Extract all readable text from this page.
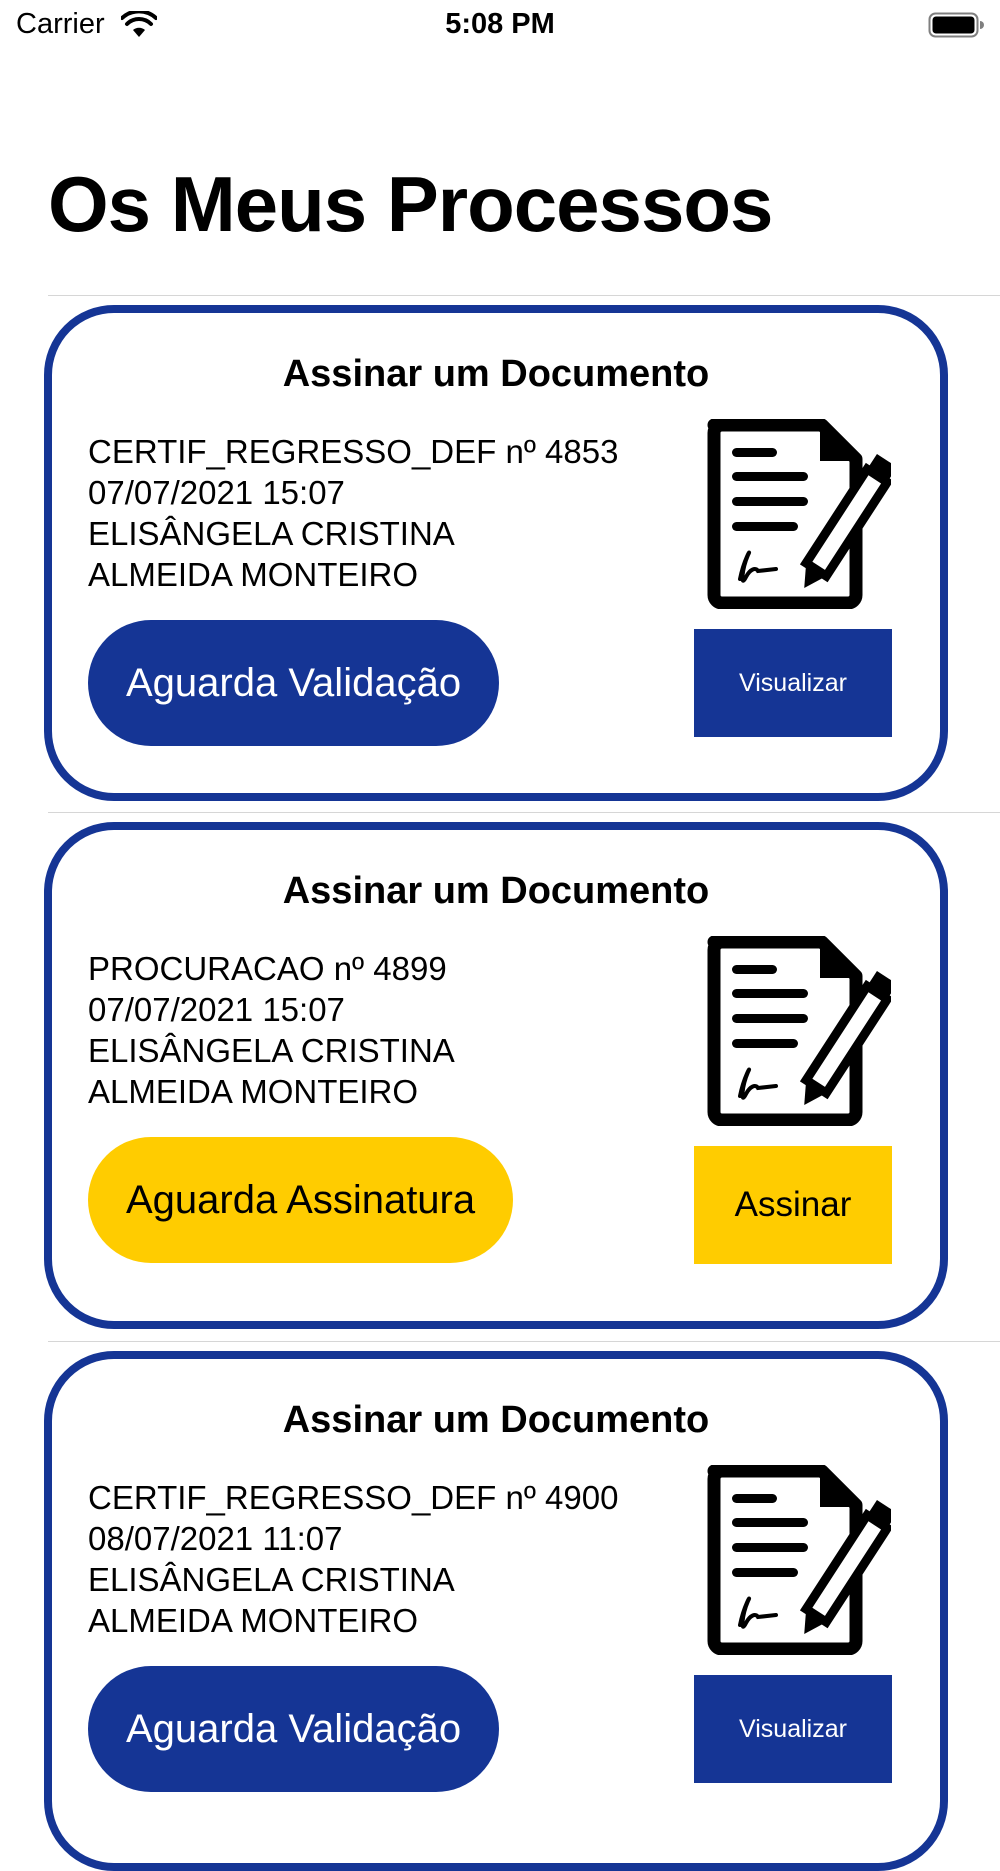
Carrier	5:08 PM
Os Meus Processos
Assinar um Documento
CERTIF_REGRESSO_DEF nº 4853
07/07/2021 15:07
ELISÂNGELA CRISTINA
ALMEIDA MONTEIRO
Aguarda Validação	Visualizar
Assinar um Documento
PROCURACAO nº 4899
07/07/2021 15:07
ELISÂNGELA CRISTINA
ALMEIDA MONTEIRO
Aguarda Assinatura	Assinar
Assinar um Documento
CERTIF_REGRESSO_DEF nº 4900
08/07/2021 11:07
ELISÂNGELA CRISTINA
ALMEIDA MONTEIRO
Aguarda Validação	Visualizar
